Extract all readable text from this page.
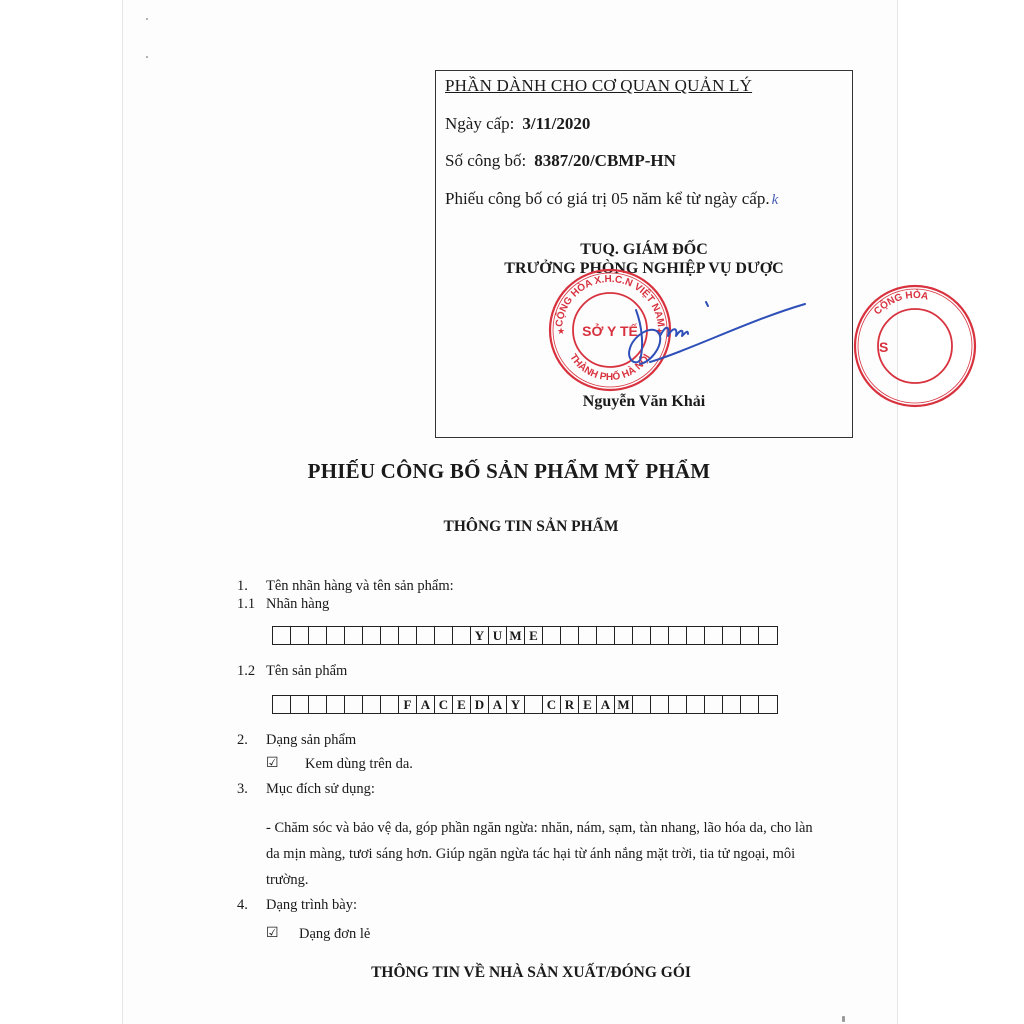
PHẦN DÀNH CHO CƠ QUAN QUẢN LÝ
Ngày cấp: 3/11/2020
Số công bố: 8387/20/CBMP-HN
Phiếu công bố có giá trị 05 năm kể từ ngày cấp. k
TUQ. GIÁM ĐỐC
TRƯỞNG PHÒNG NGHIỆP VỤ DƯỢC
CỘNG HÒA X.H.C.N VIỆT NAM
THÀNH PHỐ HÀ NỘI
SỞ Y TẾ
★	★
CỘNG HÒA
S
Nguyễn Văn Khải
PHIẾU CÔNG BỐ SẢN PHẨM MỸ PHẨM
THÔNG TIN SẢN PHẨM
1. Tên nhãn hàng và tên sản phẩm:
1.1 Nhãn hàng
Y U M E
1.2 Tên sản phẩm
F A C E D A Y	C R E A M
2. Dạng sản phẩm
☑ Kem dùng trên da.
3. Mục đích sử dụng:
- Chăm sóc và bảo vệ da, góp phần ngăn ngừa: nhăn, nám, sạm, tàn nhang, lão hóa da, cho làn
da mịn màng, tươi sáng hơn. Giúp ngăn ngừa tác hại từ ánh nắng mặt trời, tia tử ngoại, môi
trường.
4. Dạng trình bày:
☑ Dạng đơn lẻ
THÔNG TIN VỀ NHÀ SẢN XUẤT/ĐÓNG GÓI
